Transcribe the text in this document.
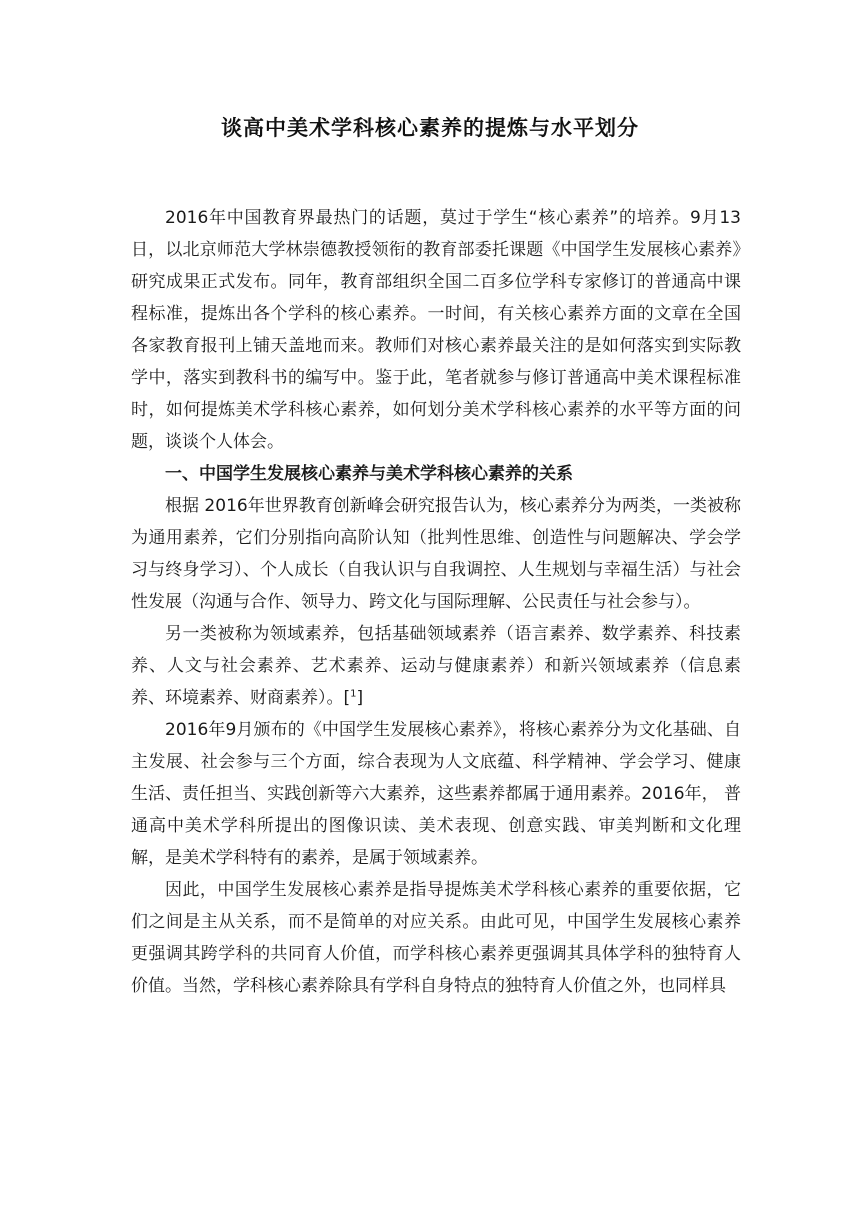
谈高中美术学科核心素养的提炼与水平划分

2016年中国教育界最热门的话题，莫过于学生“核心素养”的培养。9月13日，以北京师范大学林崇德教授领衔的教育部委托课题《中国学生发展核心素养》研究成果正式发布。同年，教育部组织全国二百多位学科专家修订的普通高中课程标准，提炼出各个学科的核心素养。一时间，有关核心素养方面的文章在全国各家教育报刊上铺天盖地而来。教师们对核心素养最关注的是如何落实到实际教学中，落实到教科书的编写中。鉴于此，笔者就参与修订普通高中美术课程标准时，如何提炼美术学科核心素养，如何划分美术学科核心素养的水平等方面的问题，谈谈个人体会。

一、中国学生发展核心素养与美术学科核心素养的关系

根据 2016年世界教育创新峰会研究报告认为，核心素养分为两类，一类被称为通用素养，它们分别指向高阶认知（批判性思维、创造性与问题解决、学会学习与终身学习）、个人成长（自我认识与自我调控、人生规划与幸福生活）与社会性发展（沟通与合作、领导力、跨文化与国际理解、公民责任与社会参与）。

另一类被称为领域素养，包括基础领域素养（语言素养、数学素养、科技素养、人文与社会素养、艺术素养、运动与健康素养）和新兴领域素养（信息素养、环境素养、财商素养）。[$^1$]

2016年9月颁布的《中国学生发展核心素养》，将核心素养分为文化基础、自主发展、社会参与三个方面，综合表现为人文底蕴、科学精神、学会学习、健康生活、责任担当、实践创新等六大素养，这些素养都属于通用素养。2016年， 普通高中美术学科所提出的图像识读、美术表现、创意实践、审美判断和文化理解，是美术学科特有的素养，是属于领域素养。

因此，中国学生发展核心素养是指导提炼美术学科核心素养的重要依据，它们之间是主从关系，而不是简单的对应关系。由此可见，中国学生发展核心素养更强调其跨学科的共同育人价值，而学科核心素养更强调其具体学科的独特育人价值。当然，学科核心素养除具有学科自身特点的独特育人价值之外，也同样具
